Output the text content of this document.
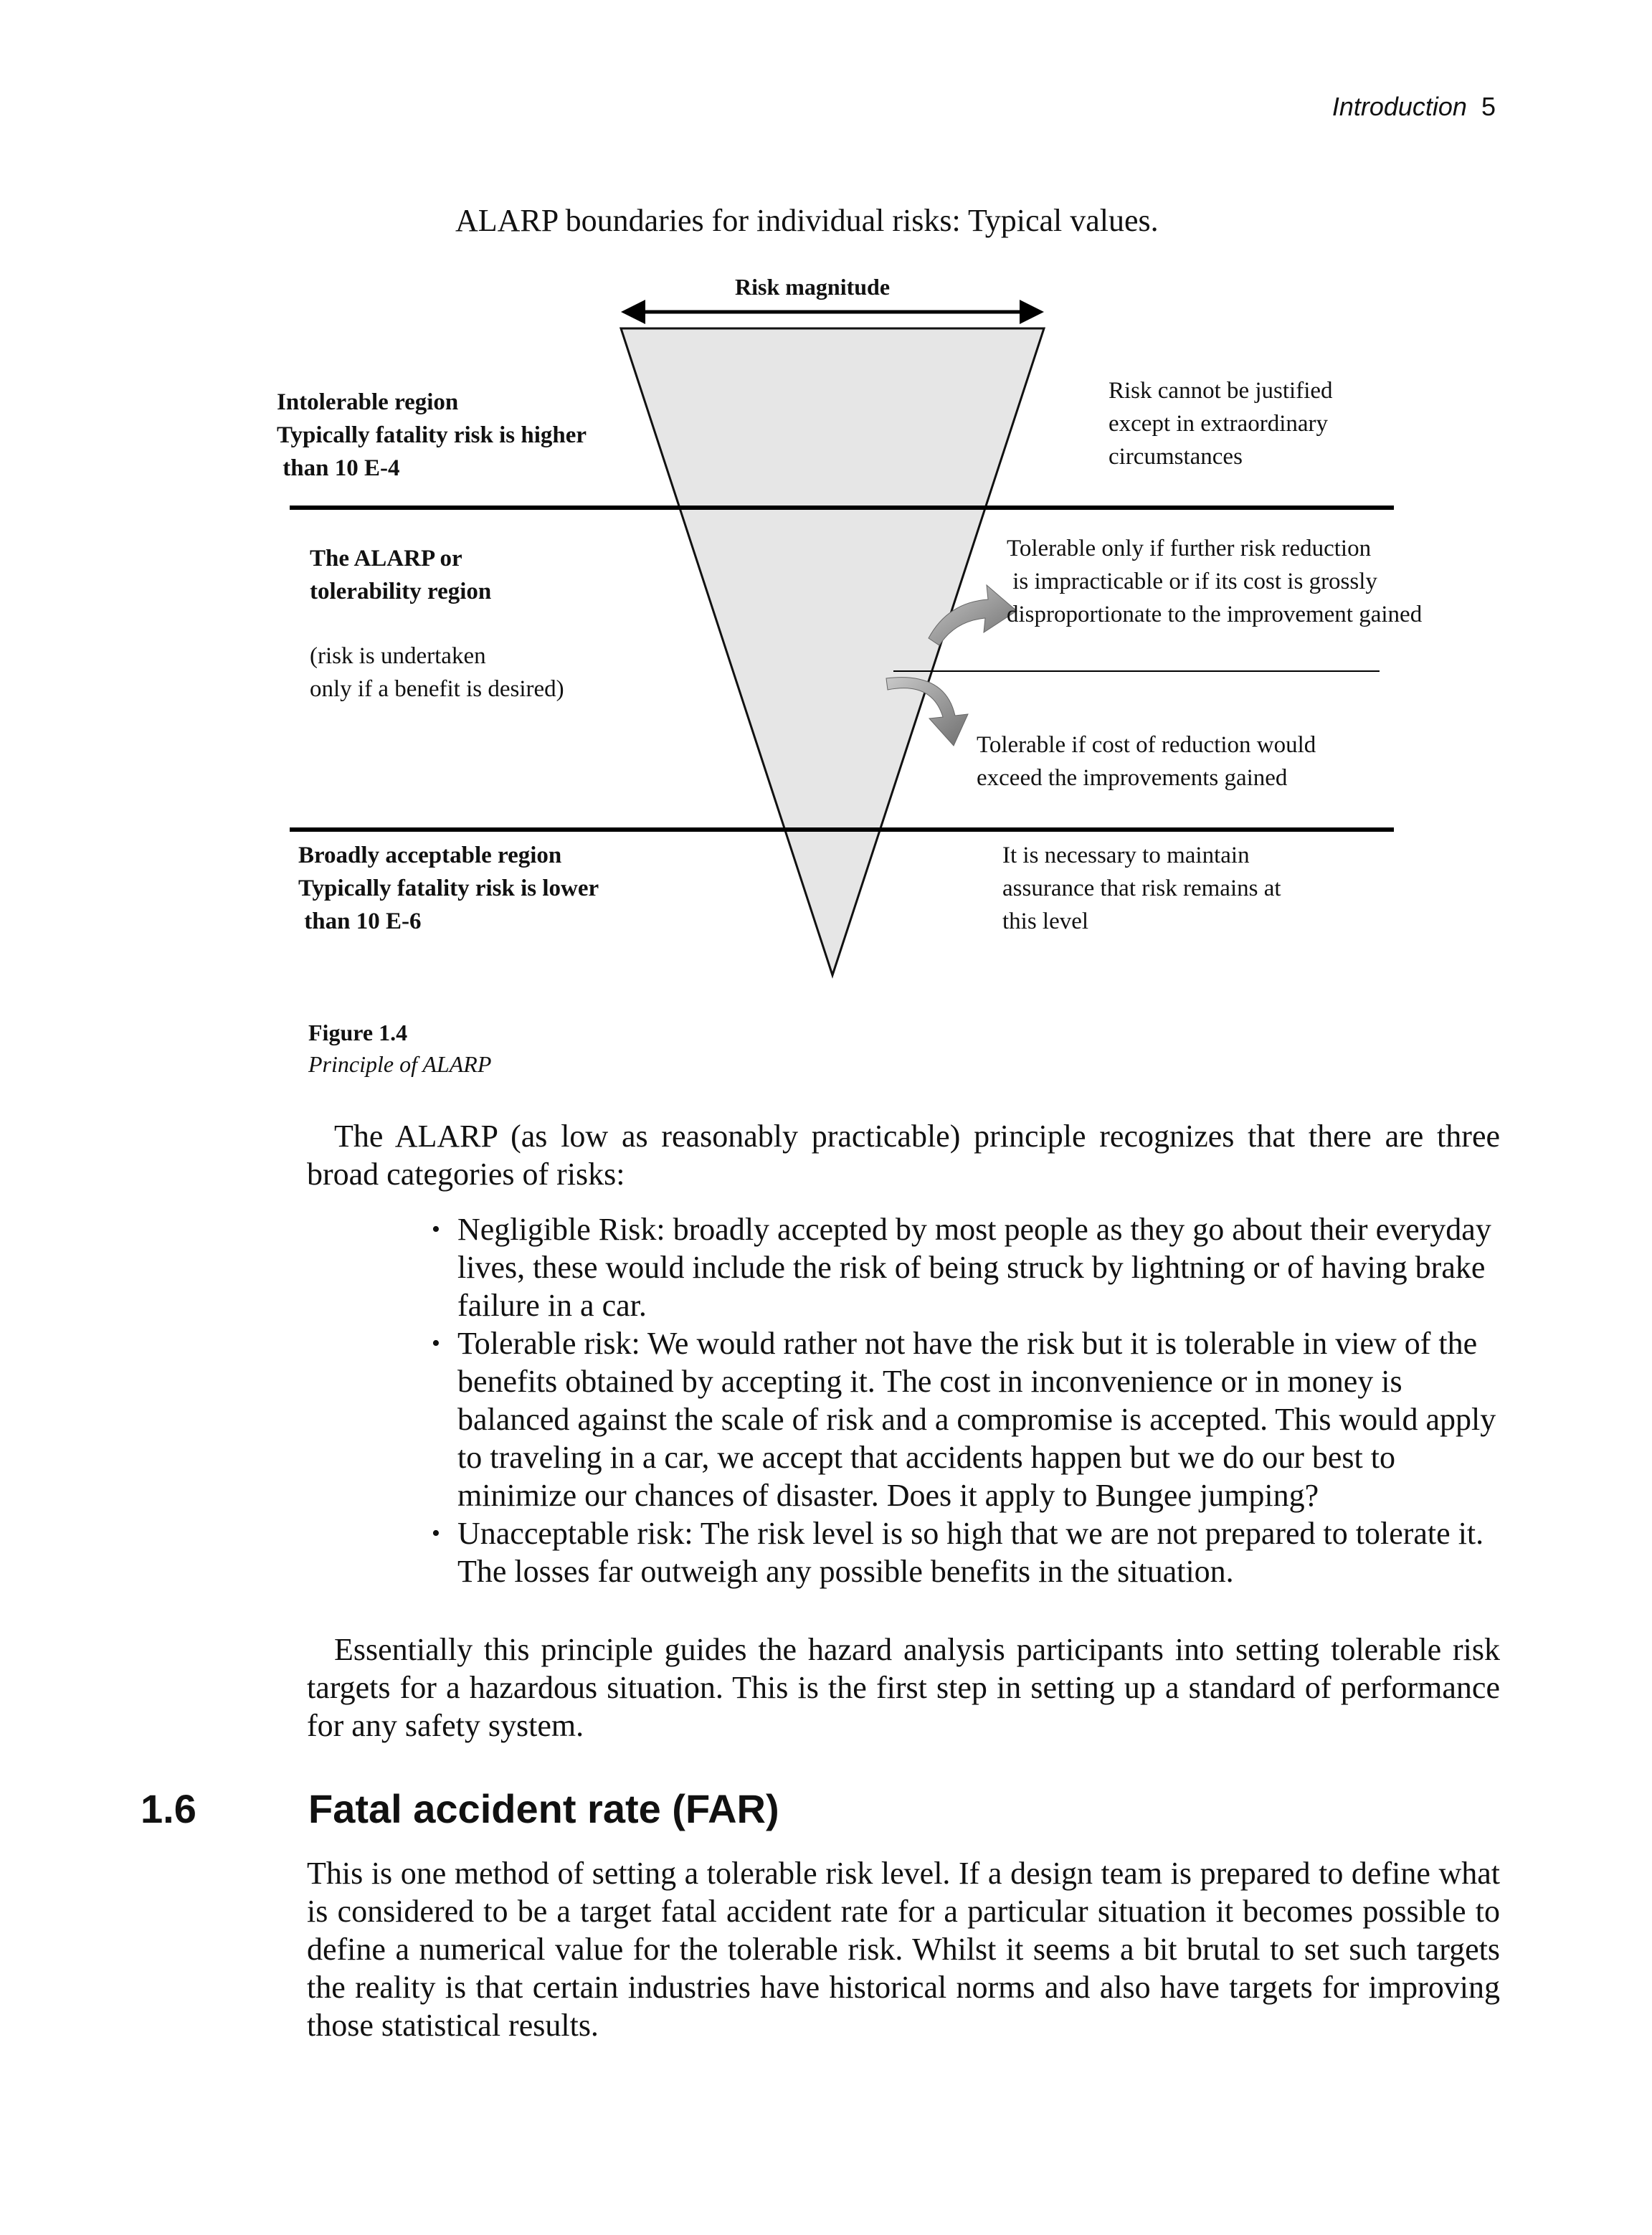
Introduction 5
ALARP boundaries for individual risks: Typical values.
Risk magnitude
Intolerable region
Typically fatality risk is higher
than 10 E-4
Risk cannot be justified
except in extraordinary
circumstances
The ALARP or
tolerability region
(risk is undertaken
only if a benefit is desired)
Tolerable only if further risk reduction
is impracticable or if its cost is grossly
disproportionate to the improvement gained
Tolerable if cost of reduction would
exceed the improvements gained
Broadly acceptable region
Typically fatality risk is lower
than 10 E-6
It is necessary to maintain
assurance that risk remains at
this level
Figure 1.4
Principle of ALARP
The ALARP (as low as reasonably practicable) principle recognizes that there are three broad categories of risks:
• Negligible Risk: broadly accepted by most people as they go about their everyday lives, these would include the risk of being struck by lightning or of having brake failure in a car.
• Tolerable risk: We would rather not have the risk but it is tolerable in view of the benefits obtained by accepting it. The cost in inconvenience or in money is balanced against the scale of risk and a compromise is accepted. This would apply to traveling in a car, we accept that accidents happen but we do our best to minimize our chances of disaster. Does it apply to Bungee jumping?
• Unacceptable risk: The risk level is so high that we are not prepared to tolerate it. The losses far outweigh any possible benefits in the situation.
Essentially this principle guides the hazard analysis participants into setting tolerable risk targets for a hazardous situation. This is the first step in setting up a standard of performance for any safety system.
1.6	Fatal accident rate (FAR)
This is one method of setting a tolerable risk level. If a design team is prepared to define what is considered to be a target fatal accident rate for a particular situation it becomes possible to define a numerical value for the tolerable risk. Whilst it seems a bit brutal to set such targets the reality is that certain industries have historical norms and also have targets for improving those statistical results.
